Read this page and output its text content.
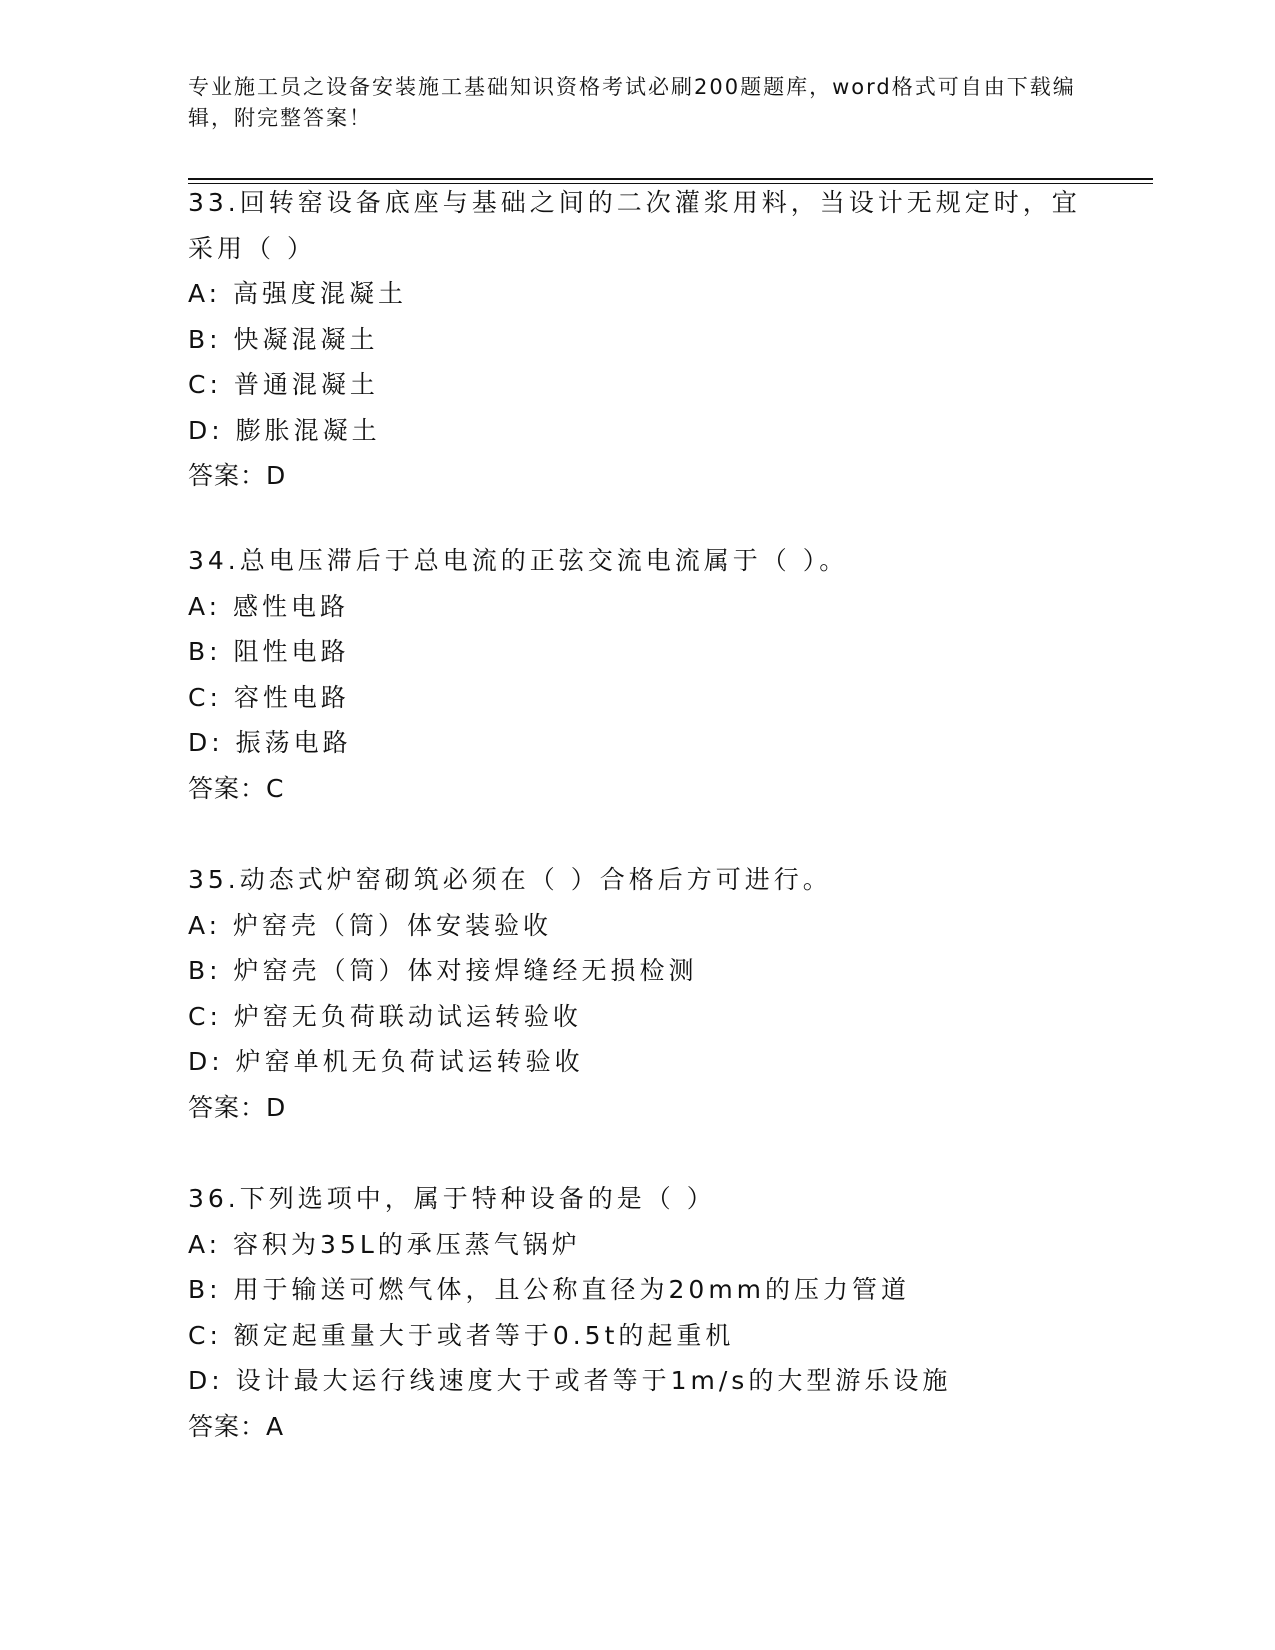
专业施工员之设备安装施工基础知识资格考试必刷200题题库，word格式可自由下载编辑，附完整答案！

33.回转窑设备底座与基础之间的二次灌浆用料，当设计无规定时，宜采用（ ）

A: 高强度混凝土

B: 快凝混凝土

C: 普通混凝土

D: 膨胀混凝土

答案：D

34.总电压滞后于总电流的正弦交流电流属于（ ）。

A: 感性电路

B: 阻性电路

C: 容性电路

D: 振荡电路

答案：C

35.动态式炉窑砌筑必须在（ ）合格后方可进行。

A: 炉窑壳（筒）体安装验收

B: 炉窑壳（筒）体对接焊缝经无损检测

C: 炉窑无负荷联动试运转验收

D: 炉窑单机无负荷试运转验收

答案：D

36.下列选项中，属于特种设备的是（ ）

A: 容积为35L的承压蒸气锅炉

B: 用于输送可燃气体，且公称直径为20mm的压力管道

C: 额定起重量大于或者等于0.5t的起重机

D: 设计最大运行线速度大于或者等于1m/s的大型游乐设施

答案：A
